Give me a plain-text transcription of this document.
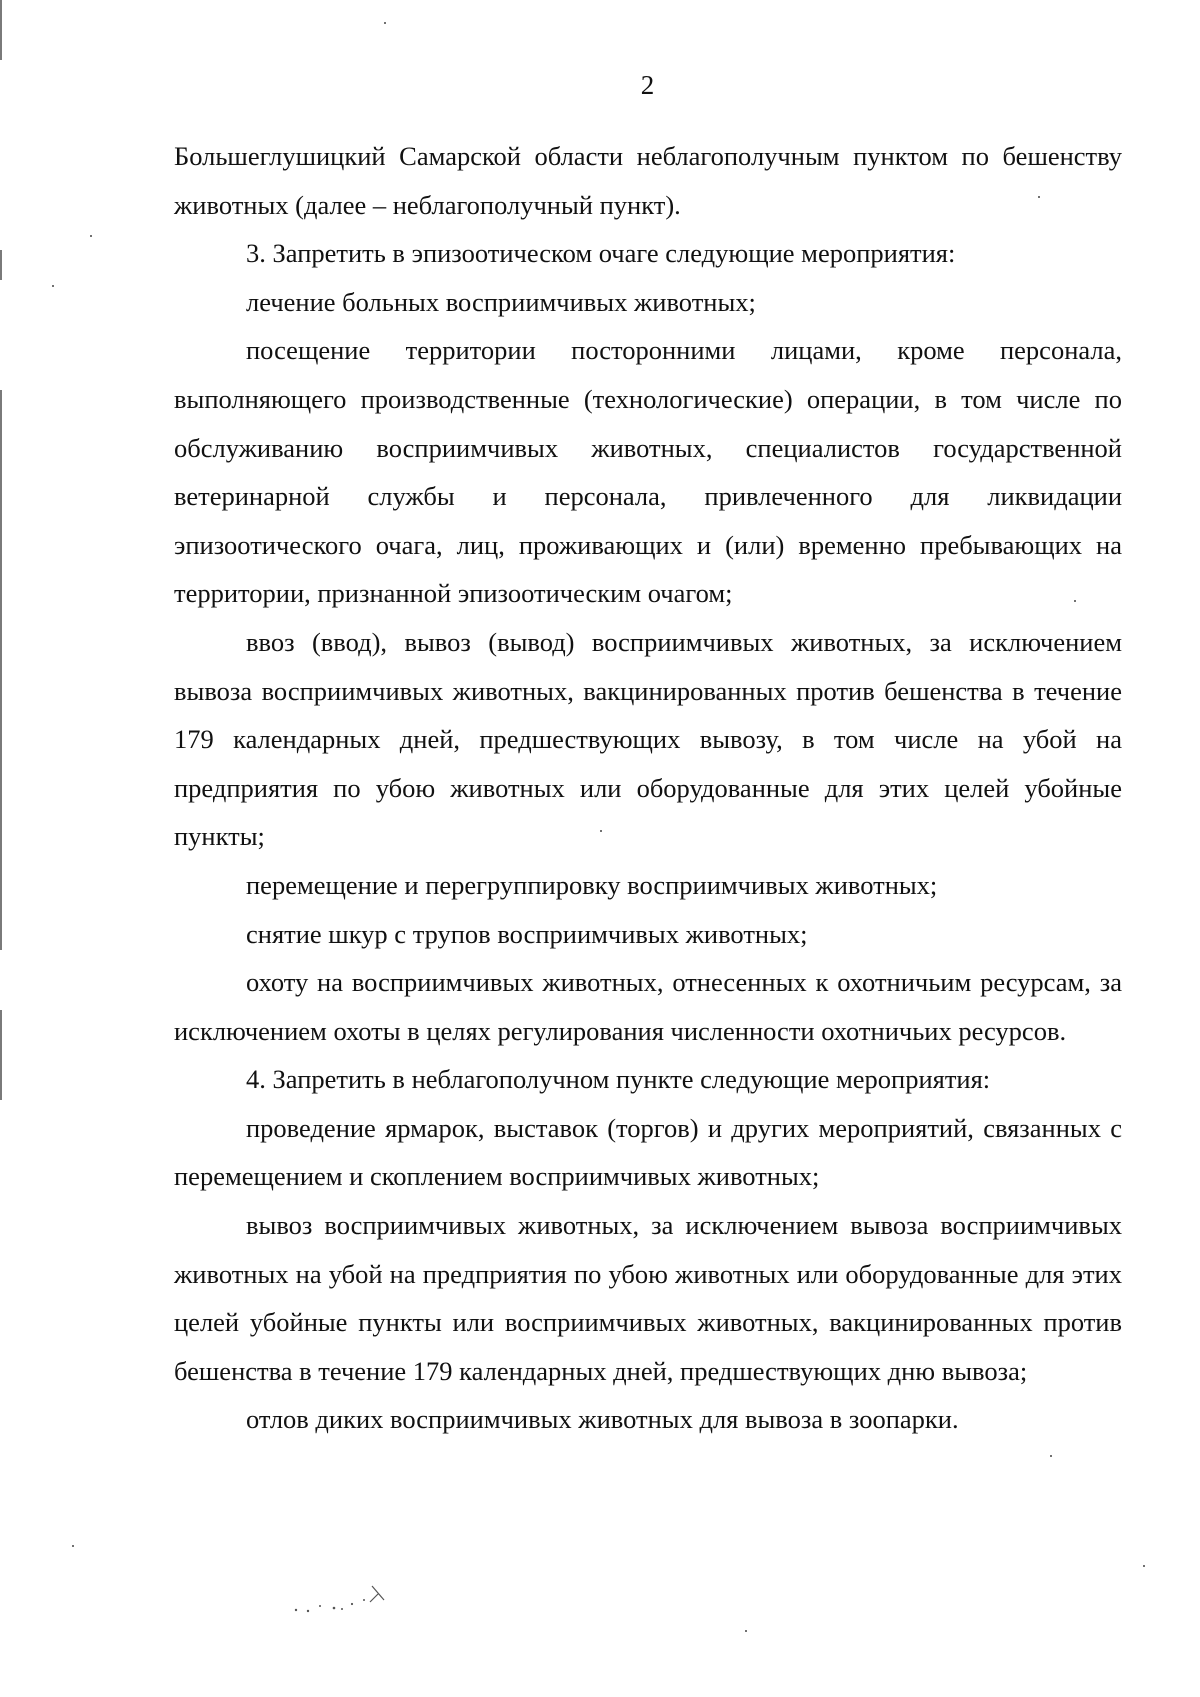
2

Большеглушицкий Самарской области неблагополучным пунктом по бешенству животных (далее – неблагополучный пункт).

3. Запретить в эпизоотическом очаге следующие мероприятия:

лечение больных восприимчивых животных;

посещение территории посторонними лицами, кроме персонала, выполняющего производственные (технологические) операции, в том числе по обслуживанию восприимчивых животных, специалистов государственной ветеринарной службы и персонала, привлеченного для ликвидации эпизоотического очага, лиц, проживающих и (или) временно пребывающих на территории, признанной эпизоотическим очагом;

ввоз (ввод), вывоз (вывод) восприимчивых животных, за исключением вывоза восприимчивых животных, вакцинированных против бешенства в течение 179 календарных дней, предшествующих вывозу, в том числе на убой на предприятия по убою животных или оборудованные для этих целей убойные пункты;

перемещение и перегруппировку восприимчивых животных;

снятие шкур с трупов восприимчивых животных;

охоту на восприимчивых животных, отнесенных к охотничьим ресурсам, за исключением охоты в целях регулирования численности охотничьих ресурсов.

4. Запретить в неблагополучном пункте следующие мероприятия:

проведение ярмарок, выставок (торгов) и других мероприятий, связанных с перемещением и скоплением восприимчивых животных;

вывоз восприимчивых животных, за исключением вывоза восприимчивых животных на убой на предприятия по убою животных или оборудованные для этих целей убойные пункты или восприимчивых животных, вакцинированных против бешенства в течение 179 календарных дней, предшествующих дню вывоза;

отлов диких восприимчивых животных для вывоза в зоопарки.
